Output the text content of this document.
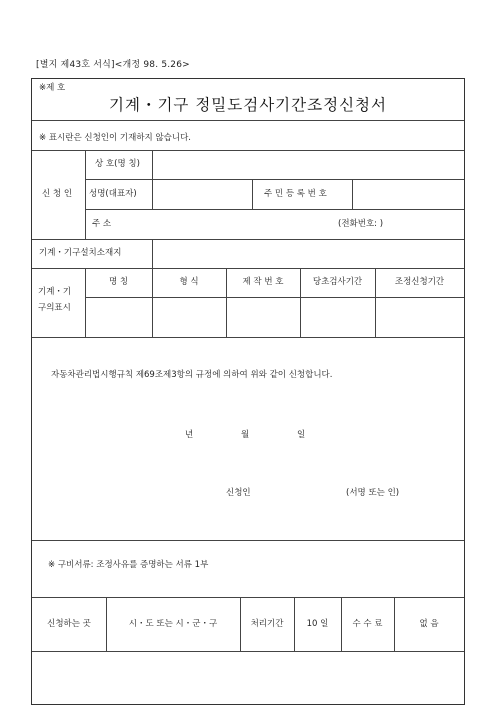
[별지 제43호 서식]<개정 98. 5.26>
※제 호
기계・기구 정밀도검사기간조정신청서
※ 표시란은 신청인이 기재하지 않습니다.
신 청 인
상 호(명 칭)
성명(대표자)	주 민 등 록 번 호
주 소	(전화번호: )
기계・기구설치소재지
기계・기
구의표시
명 칭	형 식	제 작 번 호	당초검사기간	조정신청기간
자동차관리법시행규칙 제69조제3항의 규정에 의하여 위와 같이 신청합니다.
년	월	일
신청인	(서명 또는 인)
※ 구비서류: 조정사유를 증명하는 서류 1부
신청하는 곳	시・도 또는 시・군・구	처리기간	10 일	수 수 료	없 음
